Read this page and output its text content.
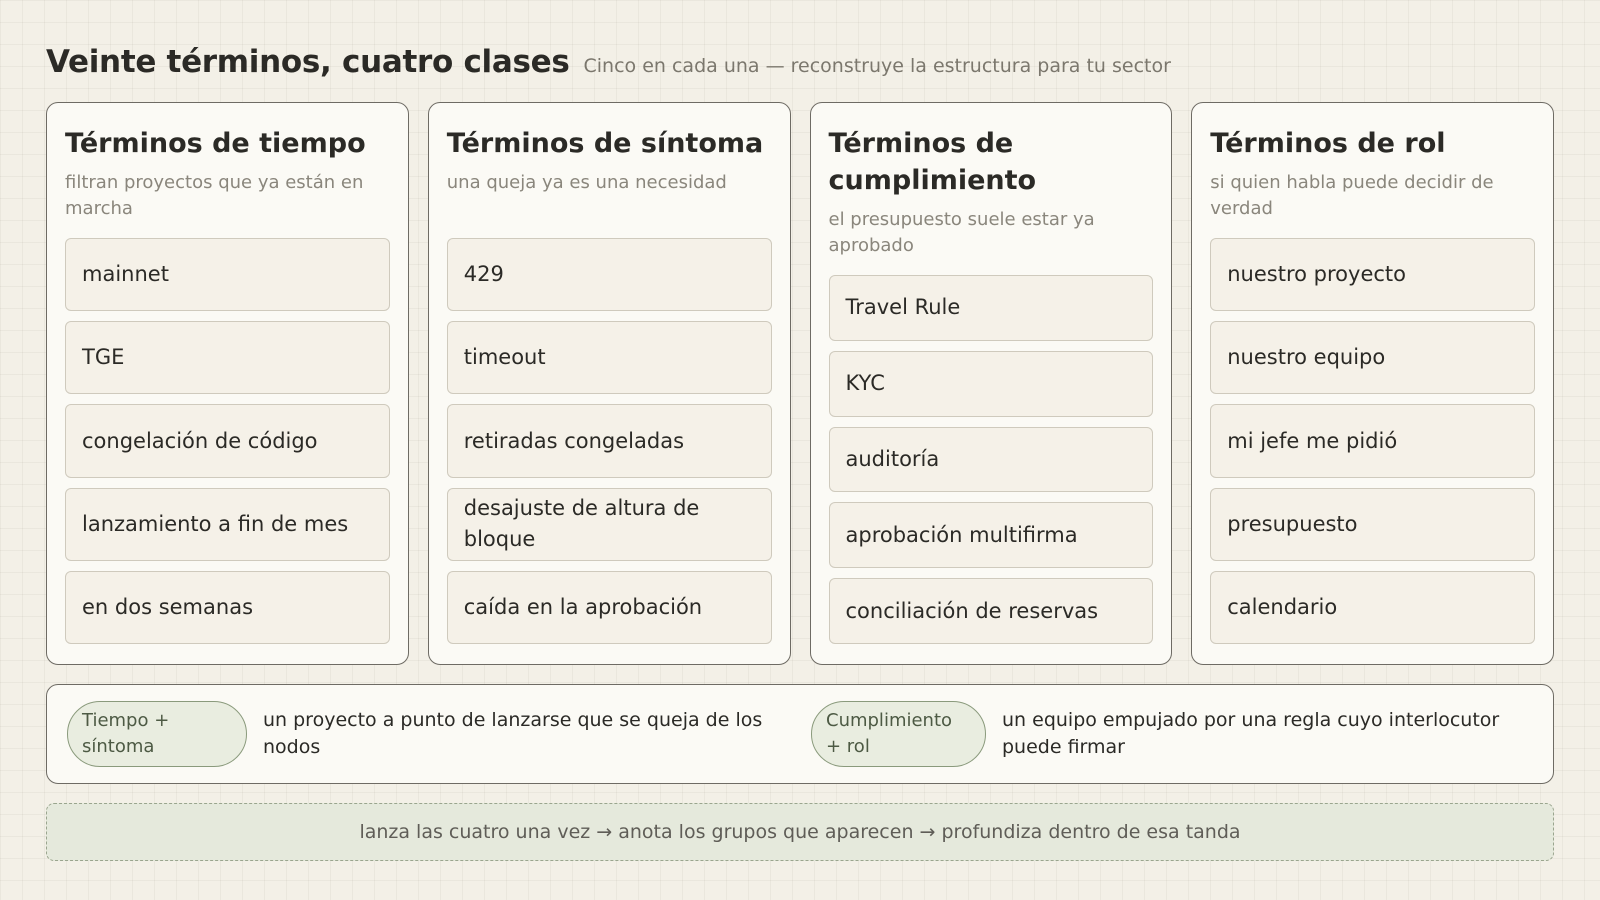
Veinte términos, cuatro clases Cinco en cada una — reconstruye la estructura para tu sector
Términos de tiempo
filtran proyectos que ya están en marcha
mainnet
TGE
congelación de código
lanzamiento a fin de mes
en dos semanas
Términos de síntoma
una queja ya es una necesidad
429
timeout
retiradas congeladas
desajuste de altura de bloque
caída en la aprobación
Términos de cumplimiento
el presupuesto suele estar ya aprobado
Travel Rule
KYC
auditoría
aprobación multifirma
conciliación de reservas
Términos de rol
si quien habla puede decidir de verdad
nuestro proyecto
nuestro equipo
mi jefe me pidió
presupuesto
calendario
Tiempo + síntoma
un proyecto a punto de lanzarse que se queja de los nodos
Cumplimiento + rol
un equipo empujado por una regla cuyo interlocutor puede firmar
lanza las cuatro una vez → anota los grupos que aparecen → profundiza dentro de esa tanda
